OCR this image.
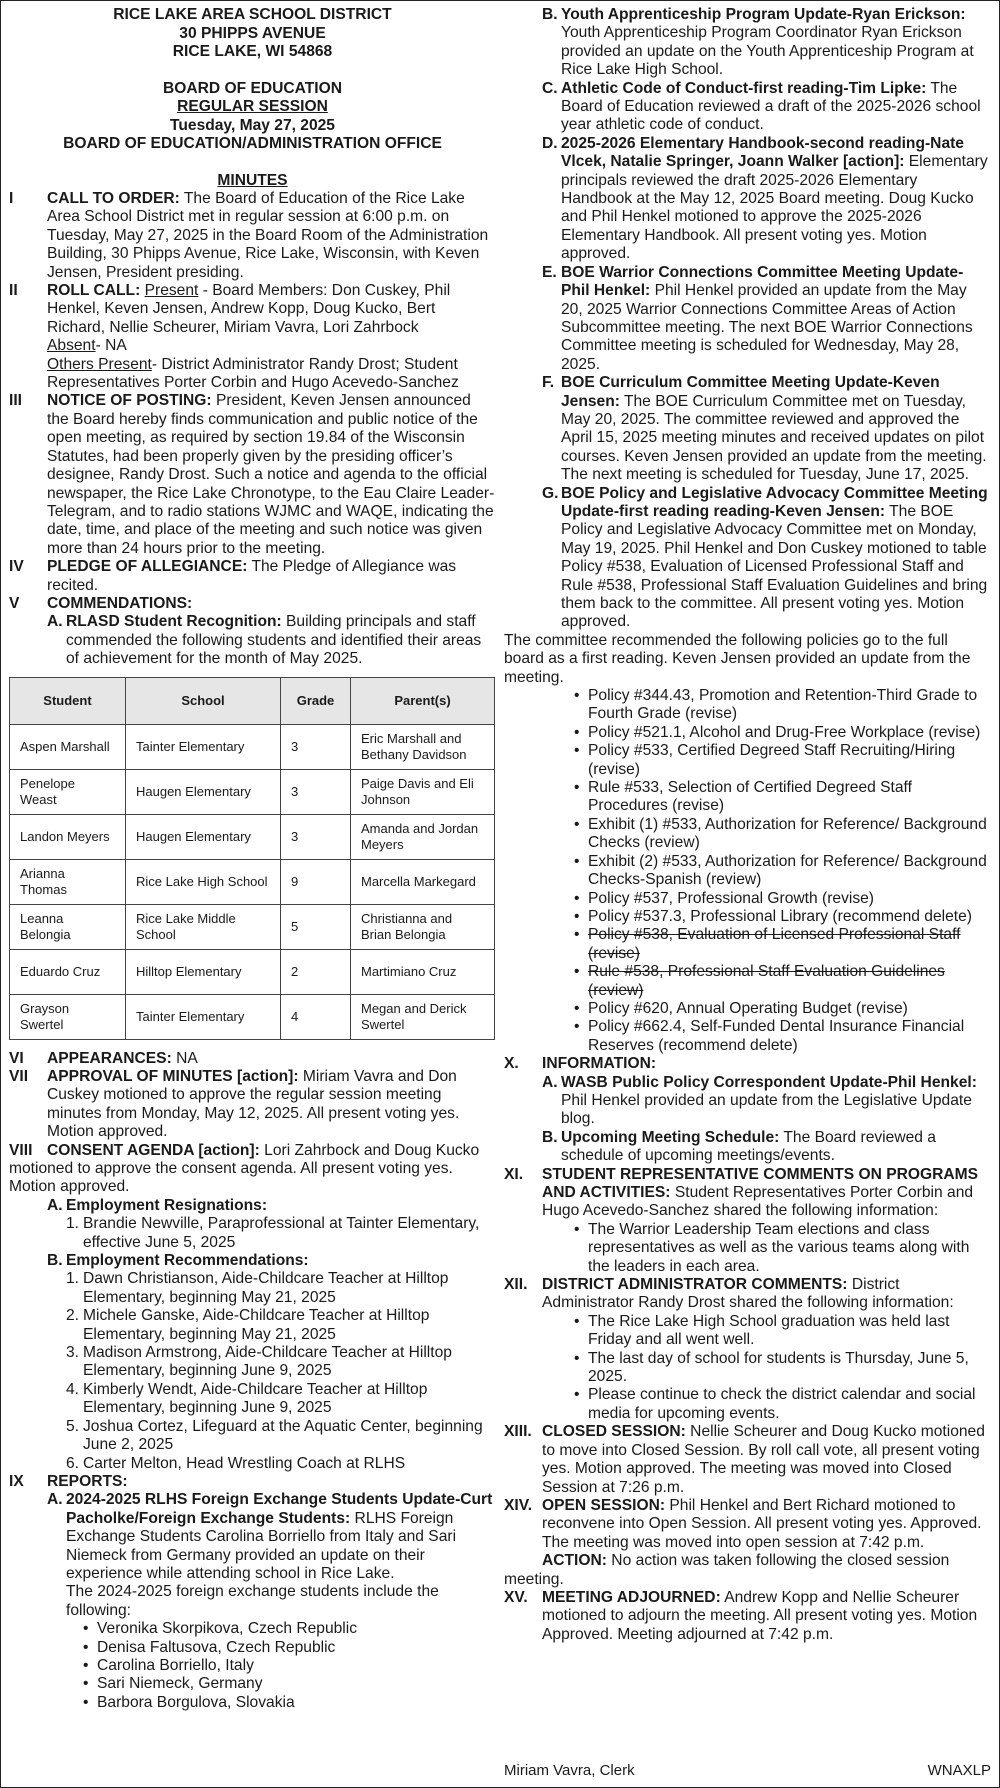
RICE LAKE AREA SCHOOL DISTRICT
30 PHIPPS AVENUE
RICE LAKE, WI 54868
BOARD OF EDUCATION
REGULAR SESSION
Tuesday, May 27, 2025
BOARD OF EDUCATION/ADMINISTRATION OFFICE
MINUTES
I	CALL TO ORDER: The Board of Education of the Rice Lake Area School District met in regular session at 6:00 p.m. on Tuesday, May 27, 2025 in the Board Room of the Administration Building, 30 Phipps Avenue, Rice Lake, Wisconsin, with Keven Jensen, President presiding.
II	ROLL CALL: Present - Board Members: Don Cuskey, Phil Henkel, Keven Jensen, Andrew Kopp, Doug Kucko, Bert Richard, Nellie Scheurer, Miriam Vavra, Lori Zahrbock
Absent- NA
Others Present- District Administrator Randy Drost; Student Representatives Porter Corbin and Hugo Acevedo-Sanchez
III	NOTICE OF POSTING: President, Keven Jensen announced the Board hereby finds communication and public notice of the open meeting, as required by section 19.84 of the Wisconsin Statutes, had been properly given by the presiding officer’s designee, Randy Drost. Such a notice and agenda to the official newspaper, the Rice Lake Chronotype, to the Eau Claire Leader-Telegram, and to radio stations WJMC and WAQE, indicating the date, time, and place of the meeting and such notice was given more than 24 hours prior to the meeting.
IV	PLEDGE OF ALLEGIANCE: The Pledge of Allegiance was recited.
V	COMMENDATIONS:
A. RLASD Student Recognition: Building principals and staff commended the following students and identified their areas of achievement for the month of May 2025.
Student	School	Grade	Parent(s)
Aspen Marshall	Tainter Elementary	3	Eric Marshall and Bethany Davidson
Penelope Weast	Haugen Elementary	3	Paige Davis and Eli Johnson
Landon Meyers	Haugen Elementary	3	Amanda and Jordan Meyers
Arianna Thomas	Rice Lake High School	9	Marcella Markegard
Leanna Belongia	Rice Lake Middle School	5	Christianna and Brian Belongia
Eduardo Cruz	Hilltop Elementary	2	Martimiano Cruz
Grayson Swertel	Tainter Elementary	4	Megan and Derick Swertel
VI	APPEARANCES: NA
VII	APPROVAL OF MINUTES [action]: Miriam Vavra and Don Cuskey motioned to approve the regular session meeting minutes from Monday, May 12, 2025. All present voting yes. Motion approved.
VIII CONSENT AGENDA [action]: Lori Zahrbock and Doug Kucko motioned to approve the consent agenda. All present voting yes. Motion approved.
A. Employment Resignations:
1. Brandie Newville, Paraprofessional at Tainter Elementary, effective June 5, 2025
B. Employment Recommendations:
1. Dawn Christianson, Aide-Childcare Teacher at Hilltop Elementary, beginning May 21, 2025
2. Michele Ganske, Aide-Childcare Teacher at Hilltop Elementary, beginning May 21, 2025
3. Madison Armstrong, Aide-Childcare Teacher at Hilltop Elementary, beginning June 9, 2025
4. Kimberly Wendt, Aide-Childcare Teacher at Hilltop Elementary, beginning June 9, 2025
5. Joshua Cortez, Lifeguard at the Aquatic Center, beginning June 2, 2025
6. Carter Melton, Head Wrestling Coach at RLHS
IX	REPORTS:
A. 2024-2025 RLHS Foreign Exchange Students Update-Curt Pacholke/Foreign Exchange Students: RLHS Foreign Exchange Students Carolina Borriello from Italy and Sari Niemeck from Germany provided an update on their experience while attending school in Rice Lake.
The 2024-2025 foreign exchange students include the following:
• Veronika Skorpikova, Czech Republic
• Denisa Faltusova, Czech Republic
• Carolina Borriello, Italy
• Sari Niemeck, Germany
• Barbora Borgulova, Slovakia
B. Youth Apprenticeship Program Update-Ryan Erickson: Youth Apprenticeship Program Coordinator Ryan Erickson provided an update on the Youth Apprenticeship Program at Rice Lake High School.
C. Athletic Code of Conduct-first reading-Tim Lipke: The Board of Education reviewed a draft of the 2025-2026 school year athletic code of conduct.
D. 2025-2026 Elementary Handbook-second reading-Nate Vlcek, Natalie Springer, Joann Walker [action]: Elementary principals reviewed the draft 2025-2026 Elementary Handbook at the May 12, 2025 Board meeting. Doug Kucko and Phil Henkel motioned to approve the 2025-2026 Elementary Handbook. All present voting yes. Motion approved.
E. BOE Warrior Connections Committee Meeting Update-Phil Henkel: Phil Henkel provided an update from the May 20, 2025 Warrior Connections Committee Areas of Action Subcommittee meeting. The next BOE Warrior Connections Committee meeting is scheduled for Wednesday, May 28, 2025.
F. BOE Curriculum Committee Meeting Update-Keven Jensen: The BOE Curriculum Committee met on Tuesday, May 20, 2025. The committee reviewed and approved the April 15, 2025 meeting minutes and received updates on pilot courses. Keven Jensen provided an update from the meeting. The next meeting is scheduled for Tuesday, June 17, 2025.
G. BOE Policy and Legislative Advocacy Committee Meeting Update-first reading reading-Keven Jensen: The BOE Policy and Legislative Advocacy Committee met on Monday, May 19, 2025. Phil Henkel and Don Cuskey motioned to table Policy #538, Evaluation of Licensed Professional Staff and Rule #538, Professional Staff Evaluation Guidelines and bring them back to the committee. All present voting yes. Motion approved.
The committee recommended the following policies go to the full board as a first reading. Keven Jensen provided an update from the meeting.
• Policy #344.43, Promotion and Retention-Third Grade to Fourth Grade (revise)
• Policy #521.1, Alcohol and Drug-Free Workplace (revise)
• Policy #533, Certified Degreed Staff Recruiting/Hiring (revise)
• Rule #533, Selection of Certified Degreed Staff Procedures (revise)
• Exhibit (1) #533, Authorization for Reference/ Background Checks (review)
• Exhibit (2) #533, Authorization for Reference/ Background Checks-Spanish (review)
• Policy #537, Professional Growth (revise)
• Policy #537.3, Professional Library (recommend delete)
• Policy #538, Evaluation of Licensed Professional Staff (revise)
• Rule #538, Professional Staff Evaluation Guidelines (review)
• Policy #620, Annual Operating Budget (revise)
• Policy #662.4, Self-Funded Dental Insurance Financial Reserves (recommend delete)
X.	INFORMATION:
A. WASB Public Policy Correspondent Update-Phil Henkel: Phil Henkel provided an update from the Legislative Update blog.
B. Upcoming Meeting Schedule: The Board reviewed a schedule of upcoming meetings/events.
XI.	STUDENT REPRESENTATIVE COMMENTS ON PROGRAMS AND ACTIVITIES: Student Representatives Porter Corbin and Hugo Acevedo-Sanchez shared the following information:
• The Warrior Leadership Team elections and class representatives as well as the various teams along with the leaders in each area.
XII. DISTRICT ADMINISTRATOR COMMENTS: District Administrator Randy Drost shared the following information:
• The Rice Lake High School graduation was held last Friday and all went well.
• The last day of school for students is Thursday, June 5, 2025.
• Please continue to check the district calendar and social media for upcoming events.
XIII. CLOSED SESSION: Nellie Scheurer and Doug Kucko motioned to move into Closed Session. By roll call vote, all present voting yes. Motion approved. The meeting was moved into Closed Session at 7:26 p.m.
XIV. OPEN SESSION: Phil Henkel and Bert Richard motioned to reconvene into Open Session. All present voting yes. Approved. The meeting was moved into open session at 7:42 p.m.
ACTION: No action was taken following the closed session meeting.
XV. MEETING ADJOURNED: Andrew Kopp and Nellie Scheurer motioned to adjourn the meeting. All present voting yes. Motion Approved. Meeting adjourned at 7:42 p.m.
Miriam Vavra, Clerk	WNAXLP
